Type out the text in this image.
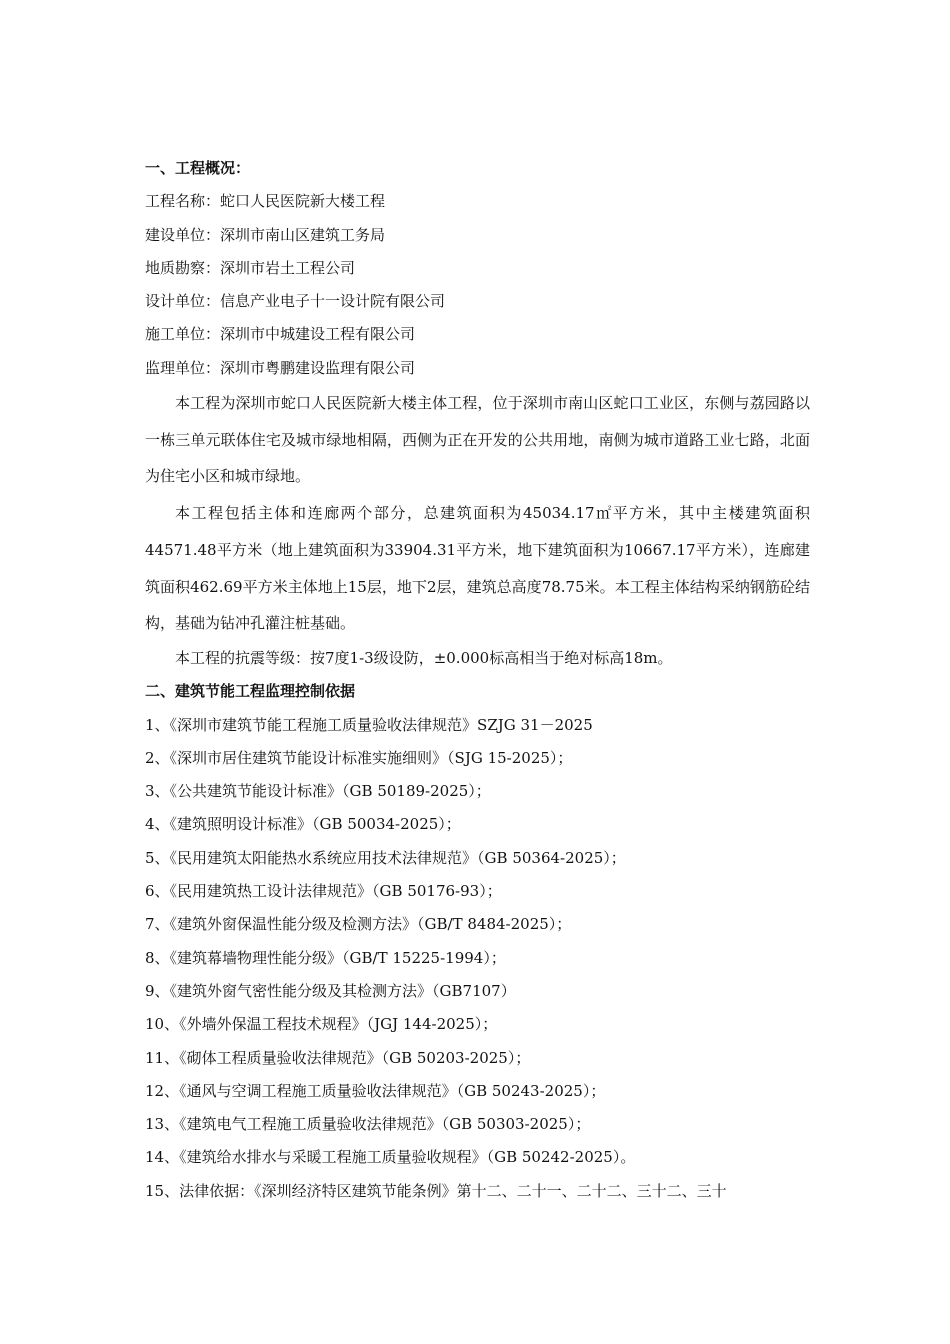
一、工程概况：
工程名称：蛇口人民医院新大楼工程
建设单位：深圳市南山区建筑工务局
地质勘察：深圳市岩土工程公司
设计单位：信息产业电子十一设计院有限公司
施工单位：深圳市中城建设工程有限公司
监理单位：深圳市粤鹏建设监理有限公司

本工程为深圳市蛇口人民医院新大楼主体工程，位于深圳市南山区蛇口工业区，东侧与荔园路以一栋三单元联体住宅及城市绿地相隔，西侧为正在开发的公共用地，南侧为城市道路工业七路，北面为住宅小区和城市绿地。

本工程包括主体和连廊两个部分，总建筑面积为45034.17㎡平方米，其中主楼建筑面积44571.48平方米（地上建筑面积为33904.31平方米，地下建筑面积为10667.17平方米），连廊建筑面积462.69平方米主体地上15层，地下2层，建筑总高度78.75米。本工程主体结构采纳钢筋砼结构，基础为钻冲孔灌注桩基础。

本工程的抗震等级：按7度1-3级设防，±0.000标高相当于绝对标高18m。

二、建筑节能工程监理控制依据
1、《深圳市建筑节能工程施工质量验收法律规范》SZJG 31－2025
2、《深圳市居住建筑节能设计标准实施细则》（SJG 15-2025）；
3、《公共建筑节能设计标准》（GB 50189-2025）；
4、《建筑照明设计标准》（GB 50034-2025）；
5、《民用建筑太阳能热水系统应用技术法律规范》（GB 50364-2025）；
6、《民用建筑热工设计法律规范》（GB 50176-93）；
7、《建筑外窗保温性能分级及检测方法》（GB/T 8484-2025）；
8、《建筑幕墙物理性能分级》（GB/T 15225-1994）；
9、《建筑外窗气密性能分级及其检测方法》（GB7107）
10、《外墙外保温工程技术规程》（JGJ 144-2025）；
11、《砌体工程质量验收法律规范》（GB 50203-2025）；
12、《通风与空调工程施工质量验收法律规范》（GB 50243-2025）；
13、《建筑电气工程施工质量验收法律规范》（GB 50303-2025）；
14、《建筑给水排水与采暖工程施工质量验收规程》（GB 50242-2025）。
15、法律依据：《深圳经济特区建筑节能条例》第十二、二十一、二十二、三十二、三十
